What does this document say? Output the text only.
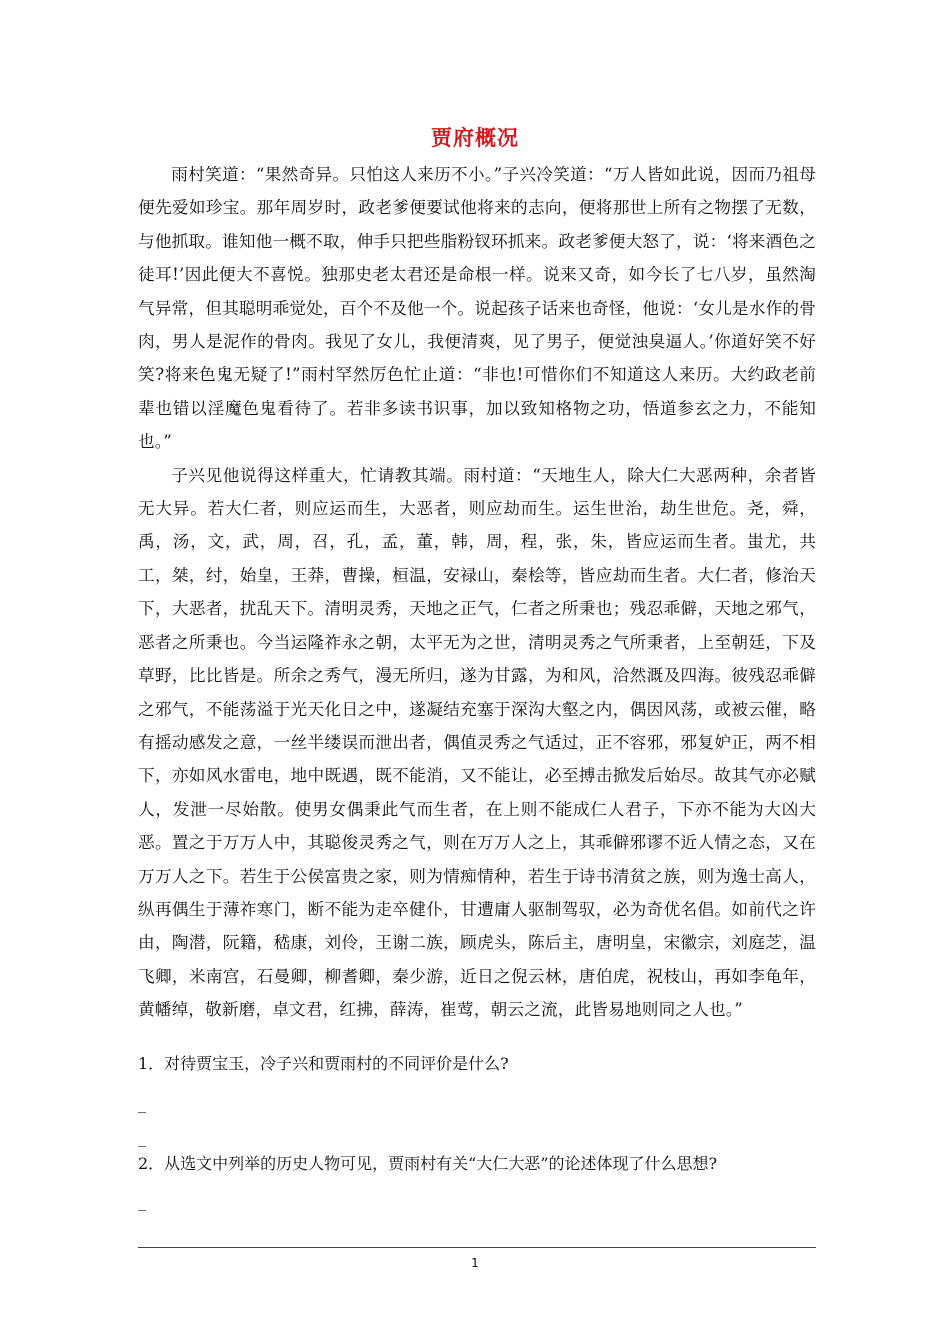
贾府概况

雨村笑道：“果然奇异。只怕这人来历不小。”子兴冷笑道：“万人皆如此说，因而乃祖母便先爱如珍宝。那年周岁时，政老爹便要试他将来的志向，便将那世上所有之物摆了无数，与他抓取。谁知他一概不取，伸手只把些脂粉钗环抓来。政老爹便大怒了，说：‘将来酒色之徒耳!’因此便大不喜悦。独那史老太君还是命根一样。说来又奇，如今长了七八岁，虽然淘气异常，但其聪明乖觉处，百个不及他一个。说起孩子话来也奇怪，他说：‘女儿是水作的骨肉，男人是泥作的骨肉。我见了女儿，我便清爽，见了男子，便觉浊臭逼人。’你道好笑不好笑?将来色鬼无疑了!”雨村罕然厉色忙止道：“非也!可惜你们不知道这人来历。大约政老前辈也错以淫魔色鬼看待了。若非多读书识事，加以致知格物之功，悟道参玄之力，不能知也。”

子兴见他说得这样重大，忙请教其端。雨村道：“天地生人，除大仁大恶两种，余者皆无大异。若大仁者，则应运而生，大恶者，则应劫而生。运生世治，劫生世危。尧，舜，禹，汤，文，武，周，召，孔，孟，董，韩，周，程，张，朱，皆应运而生者。蚩尤，共工，桀，纣，始皇，王莽，曹操，桓温，安禄山，秦桧等，皆应劫而生者。大仁者，修治天下，大恶者，扰乱天下。清明灵秀，天地之正气，仁者之所秉也；残忍乖僻，天地之邪气，恶者之所秉也。今当运隆祚永之朝，太平无为之世，清明灵秀之气所秉者，上至朝廷，下及草野，比比皆是。所余之秀气，漫无所归，遂为甘露，为和风，洽然溉及四海。彼残忍乖僻之邪气，不能荡溢于光天化日之中，遂凝结充塞于深沟大壑之内，偶因风荡，或被云催，略有摇动感发之意，一丝半缕误而泄出者，偶值灵秀之气适过，正不容邪，邪复妒正，两不相下，亦如风水雷电，地中既遇，既不能消，又不能让，必至搏击掀发后始尽。故其气亦必赋人，发泄一尽始散。使男女偶秉此气而生者，在上则不能成仁人君子，下亦不能为大凶大恶。置之于万万人中，其聪俊灵秀之气，则在万万人之上，其乖僻邪谬不近人情之态，又在万万人之下。若生于公侯富贵之家，则为情痴情种，若生于诗书清贫之族，则为逸士高人，纵再偶生于薄祚寒门，断不能为走卒健仆，甘遭庸人驱制驾驭，必为奇优名倡。如前代之许由，陶潜，阮籍，嵇康，刘伶，王谢二族，顾虎头，陈后主，唐明皇，宋徽宗，刘庭芝，温飞卿，米南宫，石曼卿，柳耆卿，秦少游，近日之倪云林，唐伯虎，祝枝山，再如李龟年，黄幡绰，敬新磨，卓文君，红拂，薛涛，崔莺，朝云之流，此皆易地则同之人也。”

1．对待贾宝玉，冷子兴和贾雨村的不同评价是什么?
_
_
2．从选文中列举的历史人物可见，贾雨村有关“大仁大恶”的论述体现了什么思想?
_
1
